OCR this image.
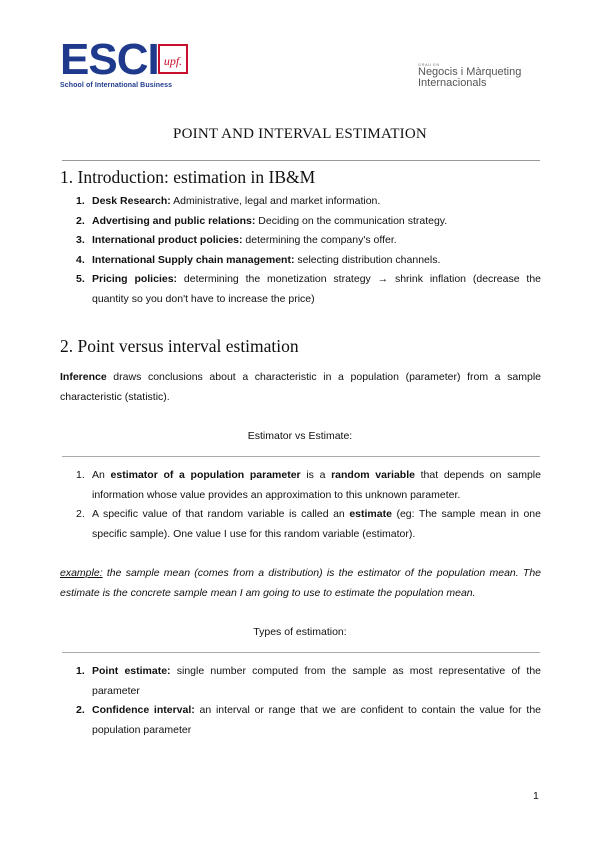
ESCI upf.
School of International Business
GRAU EN
Negocis i Màrqueting
Internacionals
POINT AND INTERVAL ESTIMATION
1. Introduction: estimation in IB&M
1. Desk Research: Administrative, legal and market information.
2. Advertising and public relations: Deciding on the communication strategy.
3. International product policies: determining the company's offer.
4. International Supply chain management: selecting distribution channels.
5. Pricing policies: determining the monetization strategy → shrink inflation (decrease the quantity so you don't have to increase the price)
2. Point versus interval estimation
Inference draws conclusions about a characteristic in a population (parameter) from a sample characteristic (statistic).
Estimator vs Estimate:
1. An estimator of a population parameter is a random variable that depends on sample information whose value provides an approximation to this unknown parameter.
2. A specific value of that random variable is called an estimate (eg: The sample mean in one specific sample). One value I use for this random variable (estimator).
example: the sample mean (comes from a distribution) is the estimator of the population mean. The estimate is the concrete sample mean I am going to use to estimate the population mean.
Types of estimation:
1. Point estimate: single number computed from the sample as most representative of the parameter
2. Confidence interval: an interval or range that we are confident to contain the value for the population parameter
1
